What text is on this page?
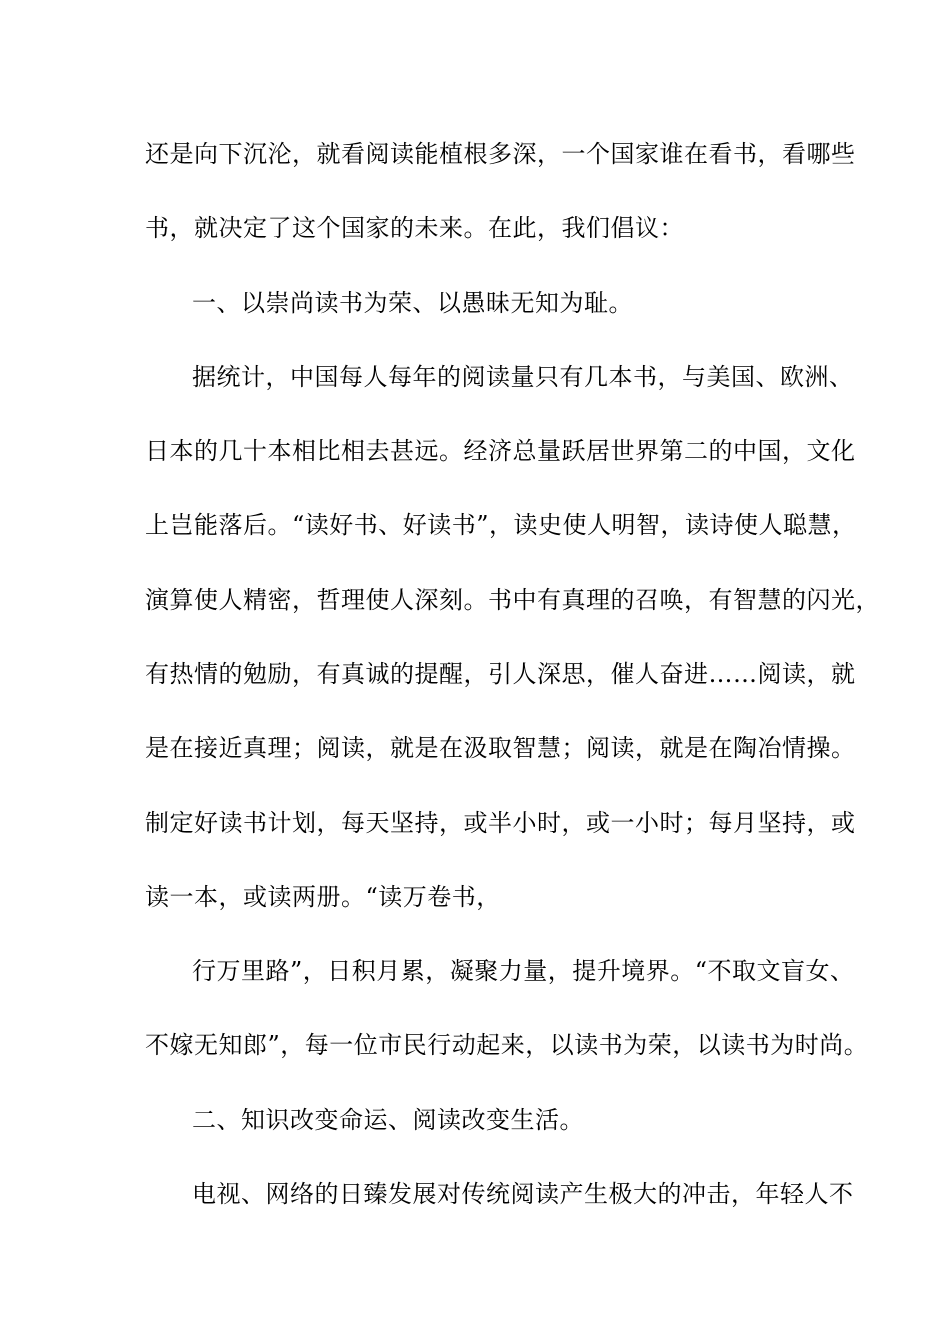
还是向下沉沦，就看阅读能植根多深，一个国家谁在看书，看哪些
书，就决定了这个国家的未来。在此，我们倡议：
一、以崇尚读书为荣、以愚昧无知为耻。
据统计，中国每人每年的阅读量只有几本书，与美国、欧洲、
日本的几十本相比相去甚远。经济总量跃居世界第二的中国，文化
上岂能落后。“读好书、好读书”，读史使人明智，读诗使人聪慧，
演算使人精密，哲理使人深刻。书中有真理的召唤，有智慧的闪光，
有热情的勉励，有真诚的提醒，引人深思，催人奋进……阅读，就
是在接近真理；阅读，就是在汲取智慧；阅读，就是在陶冶情操。
制定好读书计划，每天坚持，或半小时，或一小时；每月坚持，或
读一本，或读两册。“读万卷书，
行万里路”，日积月累，凝聚力量，提升境界。“不取文盲女、
不嫁无知郎”，每一位市民行动起来，以读书为荣，以读书为时尚。
二、知识改变命运、阅读改变生活。
电视、网络的日臻发展对传统阅读产生极大的冲击，年轻人不
